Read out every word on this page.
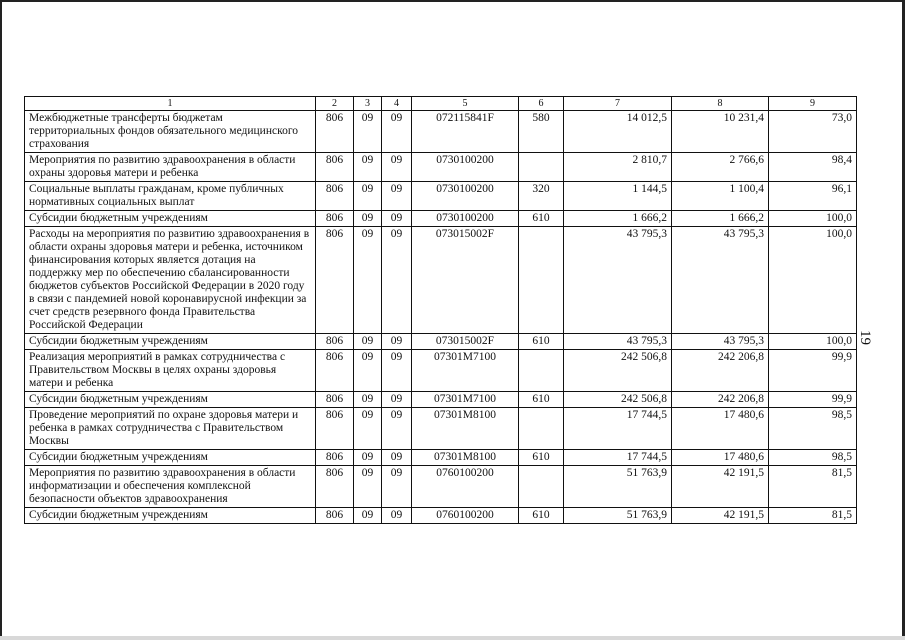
1	2	3	4	5	6	7	8	9
Межбюджетные трансферты бюджетам территориальных фондов обязательного медицинского страхования	806	09	09	072115841F	580	14 012,5	10 231,4	73,0
Мероприятия по развитию здравоохранения в области охраны здоровья матери и ребенка	806	09	09	0730100200		2 810,7	2 766,6	98,4
Социальные выплаты гражданам, кроме публичных нормативных социальных выплат	806	09	09	0730100200	320	1 144,5	1 100,4	96,1
Субсидии бюджетным учреждениям	806	09	09	0730100200	610	1 666,2	1 666,2	100,0
Расходы на мероприятия по развитию здравоохранения в области охраны здоровья матери и ребенка, источником финансирования которых является дотация на поддержку мер по обеспечению сбалансированности бюджетов субъектов Российской Федерации в 2020 году в связи с пандемией новой коронавирусной инфекции за счет средств резервного фонда Правительства Российской Федерации	806	09	09	073015002F		43 795,3	43 795,3	100,0
Субсидии бюджетным учреждениям	806	09	09	073015002F	610	43 795,3	43 795,3	100,0
Реализация мероприятий в рамках сотрудничества с Правительством Москвы в целях охраны здоровья матери и ребенка	806	09	09	07301M7100		242 506,8	242 206,8	99,9
Субсидии бюджетным учреждениям	806	09	09	07301M7100	610	242 506,8	242 206,8	99,9
Проведение мероприятий по охране здоровья матери и ребенка в рамках сотрудничества с Правительством Москвы	806	09	09	07301M8100		17 744,5	17 480,6	98,5
Субсидии бюджетным учреждениям	806	09	09	07301M8100	610	17 744,5	17 480,6	98,5
Мероприятия по развитию здравоохранения в области информатизации и обеспечения комплексной безопасности объектов здравоохранения	806	09	09	0760100200		51 763,9	42 191,5	81,5
Субсидии бюджетным учреждениям	806	09	09	0760100200	610	51 763,9	42 191,5	81,5
19
